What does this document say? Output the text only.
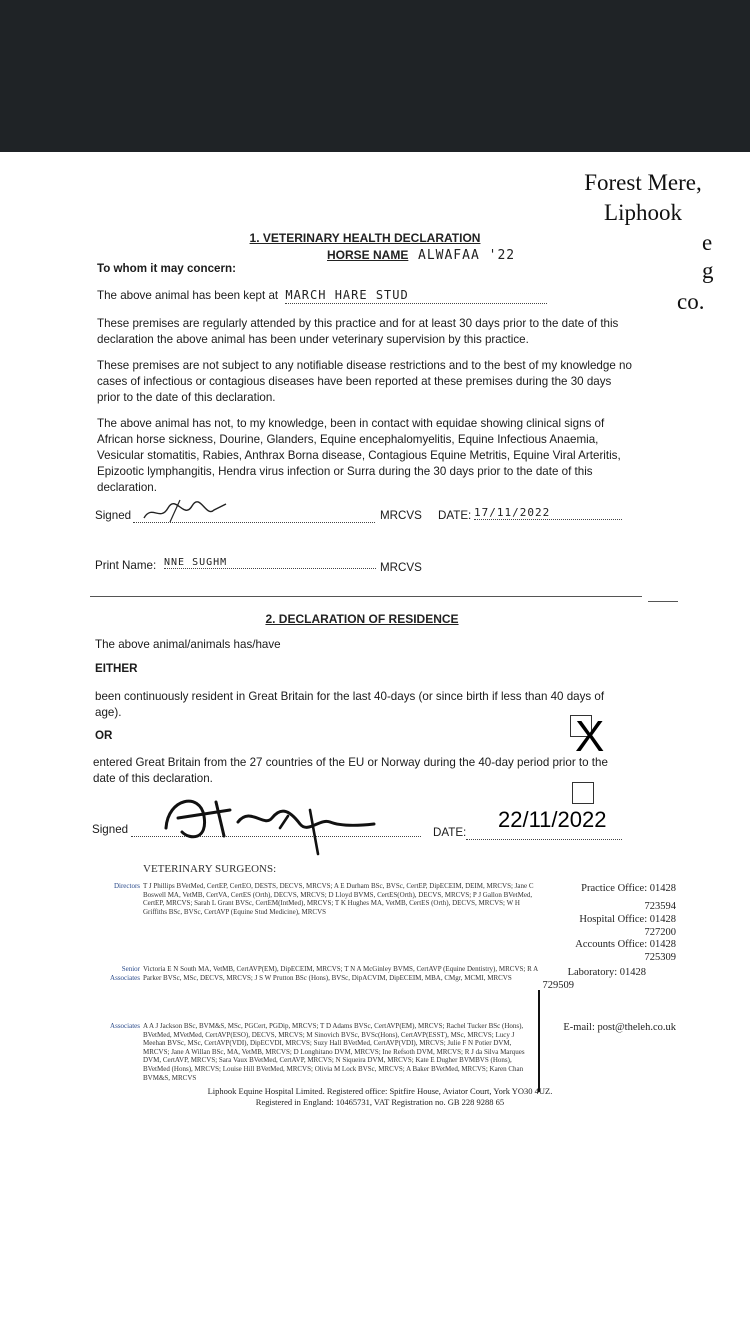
Forest Mere,
Liphook
e
g
co.
1. VETERINARY HEALTH DECLARATION
HORSE NAME ALWAFAA '22
To whom it may concern:
The above animal has been kept at MARCH HARE STUD
These premises are regularly attended by this practice and for at least 30 days prior to the date of this declaration the above animal has been under veterinary supervision by this practice.
These premises are not subject to any notifiable disease restrictions and to the best of my knowledge no cases of infectious or contagious diseases have been reported at these premises during the 30 days prior to the date of this declaration.
The above animal has not, to my knowledge, been in contact with equidae showing clinical signs of African horse sickness, Dourine, Glanders, Equine encephalomyelitis, Equine Infectious Anaemia, Vesicular stomatitis, Rabies, Anthrax Borna disease, Contagious Equine Metritis, Equine Viral Arteritis, Epizootic lymphangitis, Hendra virus infection or Surra during the 30 days prior to the date of this declaration.
Signed	MRCVS DATE: 17/11/2022
Print Name: NNE SUGHM	MRCVS
2. DECLARATION OF RESIDENCE
The above animal/animals has/have
EITHER
been continuously resident in Great Britain for the last 40-days (or since birth if less than 40 days of age).	X
OR
entered Great Britain from the 27 countries of the EU or Norway during the 40-day period prior to the date of this declaration.
Signed	DATE:
22/11/2022
VETERINARY SURGEONS:
Directors T J Phillips BVetMed, CertEP, CertEO, DESTS, DECVS, MRCVS; A E Durham BSc, BVSc, CertEP, DipECEIM, DEIM, MRCVS; Jane C Boswell MA, VetMB, CertVA, CertES (Orth), DECVS, MRCVS; D Lloyd BVMS, CertES(Orth), DECVS, MRCVS; P J Gallon BVetMed, CertEP, MRCVS; Sarah L Grant BVSc, CertEM(IntMed), MRCVS; T K Hughes MA, VetMB, CertES (Orth), DECVS, MRCVS; W H Griffiths BSc, BVSc, CertAVP (Equine Stud Medicine), MRCVS
Senior Associates
Victoria E N South MA, VetMB, CertAVP(EM), DipECEIM, MRCVS; T N A McGinley BVMS, CertAVP (Equine Dentistry), MRCVS; R A Parker BVSc, MSc, DECVS, MRCVS; J S W Prutton BSc (Hons), BVSc, DipACVIM, DipECEIM, MBA, CMgr, MCMI, MRCVS
Associates A A J Jackson BSc, BVM&S, MSc, PGCert, PGDip, MRCVS; T D Adams BVSc, CertAVP(EM), MRCVS; Rachel Tucker BSc (Hons), BVetMed, MVetMed, CertAVP(ESO), DECVS, MRCVS; M Sinovich BVSc, BVSc(Hons), CertAVP(ESST), MSc, MRCVS; Lucy J Meehan BVSc, MSc, CertAVP(VDI), DipECVDI, MRCVS; Suzy Hall BVetMed, CertAVP(VDI), MRCVS; Julie F N Potier DVM, MRCVS; Jane A Willan BSc, MA, VetMB, MRCVS; D Longhitano DVM, MRCVS; Ine Refsoth DVM, MRCVS; R J da Silva Marques DVM, CertAVP, MRCVS; Sara Vaux BVetMed, CertAVP, MRCVS; N Siqueira DVM, MRCVS; Kate E Dugher BVMBVS (Hons), BVetMed (Hons), MRCVS; Louise Hill BVetMed, MRCVS; Olivia M Lock BVSc, MRCVS; A Baker BVetMed, MRCVS; Karen Chan BVM&S, MRCVS
Practice Office: 01428
723594
Hospital Office: 01428
727200
Accounts Office: 01428
725309
Laboratory: 01428
729509
E-mail: post@theleh.co.uk
Liphook Equine Hospital Limited. Registered office: Spitfire House, Aviator Court, York YO30 4UZ.
Registered in England: 10465731, VAT Registration no. GB 228 9288 65
